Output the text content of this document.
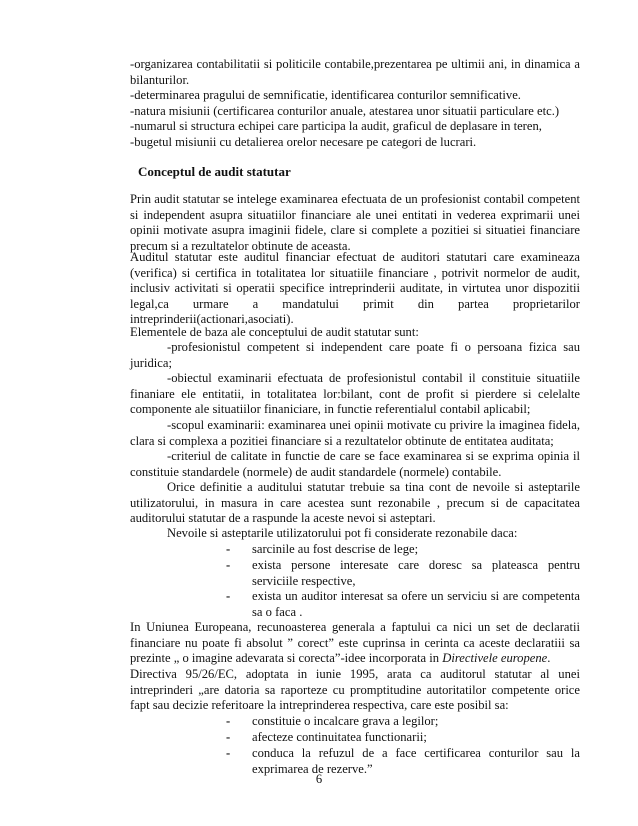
-organizarea contabilitatii si politicile contabile,prezentarea pe ultimii ani, in dinamica a bilanturilor.
-determinarea pragului de semnificatie, identificarea conturilor semnificative.
-natura misiunii (certificarea conturilor anuale, atestarea unor situatii particulare etc.)
-numarul si structura echipei care participa la audit, graficul de deplasare in teren,
-bugetul misiunii cu detalierea orelor necesare pe categori de lucrari.
Conceptul de audit statutar
Prin audit statutar se intelege examinarea efectuata de un profesionist contabil competent si independent asupra situatiilor financiare ale unei entitati in vederea exprimarii unei opinii motivate asupra imaginii fidele, clare si complete a pozitiei si situatiei financiare precum si a rezultatelor obtinute de aceasta.
Auditul statutar este auditul financiar efectuat de auditori statutari care examineaza (verifica) si certifica in totalitatea lor situatiile financiare , potrivit normelor de audit, inclusiv activitati si operatii specifice intreprinderii auditate, in virtutea unor dispozitii legal,ca urmare a mandatului primit din partea proprietarilor intreprinderii(actionari,asociati).
Elementele de baza ale conceptului de audit statutar sunt:
-profesionistul competent si independent care poate fi o persoana fizica sau juridica;
-obiectul examinarii efectuata de profesionistul contabil il constituie situatiile finaniare ele entitatii, in totalitatea lor:bilant, cont de profit si pierdere si celelalte componente ale situatiilor finaniciare, in functie referentialul contabil aplicabil;
-scopul examinarii: examinarea unei opinii motivate cu privire la imaginea fidela, clara si complexa a pozitiei financiare si a rezultatelor obtinute de entitatea auditata;
-criteriul de calitate in functie de care se face examinarea si se exprima opinia il constituie standardele (normele) de audit standardele (normele) contabile.
Orice definitie a auditului statutar trebuie sa tina cont de nevoile si asteptarile utilizatorului, in masura in care acestea sunt rezonabile , precum si de capacitatea auditorului statutar de a raspunde la aceste nevoi si asteptari.
Nevoile si asteptarile utilizatorului pot fi considerate rezonabile daca:
- sarcinile au fost descrise de lege;
- exista persone interesate care doresc sa plateasca pentru serviciile respective,
- exista un auditor interesat sa ofere un serviciu si are competenta sa o faca .
In Uniunea Europeana, recunoasterea generala a faptului ca nici un set de declaratii financiare nu poate fi absolut ” corect” este cuprinsa in cerinta ca aceste declaratiii sa prezinte „ o imagine adevarata si corecta”-idee incorporata in Directivele europene.
Directiva 95/26/EC, adoptata in iunie 1995, arata ca auditorul statutar al unei intreprinderi „are datoria sa raporteze cu promptitudine autoritatilor competente orice fapt sau decizie referitoare la intreprinderea respectiva, care este posibil sa:
- constituie o incalcare grava a legilor;
- afecteze continuitatea functionarii;
- conduca la refuzul de a face certificarea conturilor sau la exprimarea de rezerve.”
6
